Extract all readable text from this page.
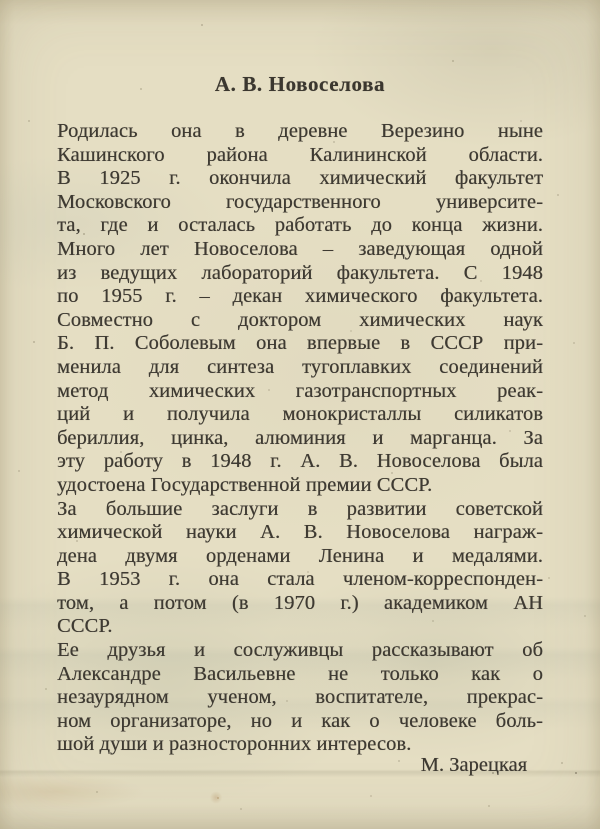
А. В. Новоселова
Родилась она в деревне Верезино ныне
Кашинского района Калининской области.
В 1925 г. окончила химический факультет
Московского государственного университе-
та, где и осталась работать до конца жизни.
Много лет Новоселова – заведующая одной
из ведущих лабораторий факультета. С 1948
по 1955 г. – декан химического факультета.
Совместно с доктором химических наук
Б. П. Соболевым она впервые в СССР при-
менила для синтеза тугоплавких соединений
метод химических газотранспортных реак-
ций и получила монокристаллы силикатов
бериллия, цинка, алюминия и марганца. За
эту работу в 1948 г. А. В. Новоселова была
удостоена Государственной премии СССР.
За большие заслуги в развитии советской
химической науки А. В. Новоселова награж-
дена двумя орденами Ленина и медалями.
В 1953 г. она стала членом-корреспонден-
том, а потом (в 1970 г.) академиком АН
СССР.
Ее друзья и сослуживцы рассказывают об
Александре Васильевне не только как о
незаурядном ученом, воспитателе, прекрас-
ном организаторе, но и как о человеке боль-
шой души и разносторонних интересов.
М. Зарецкая
